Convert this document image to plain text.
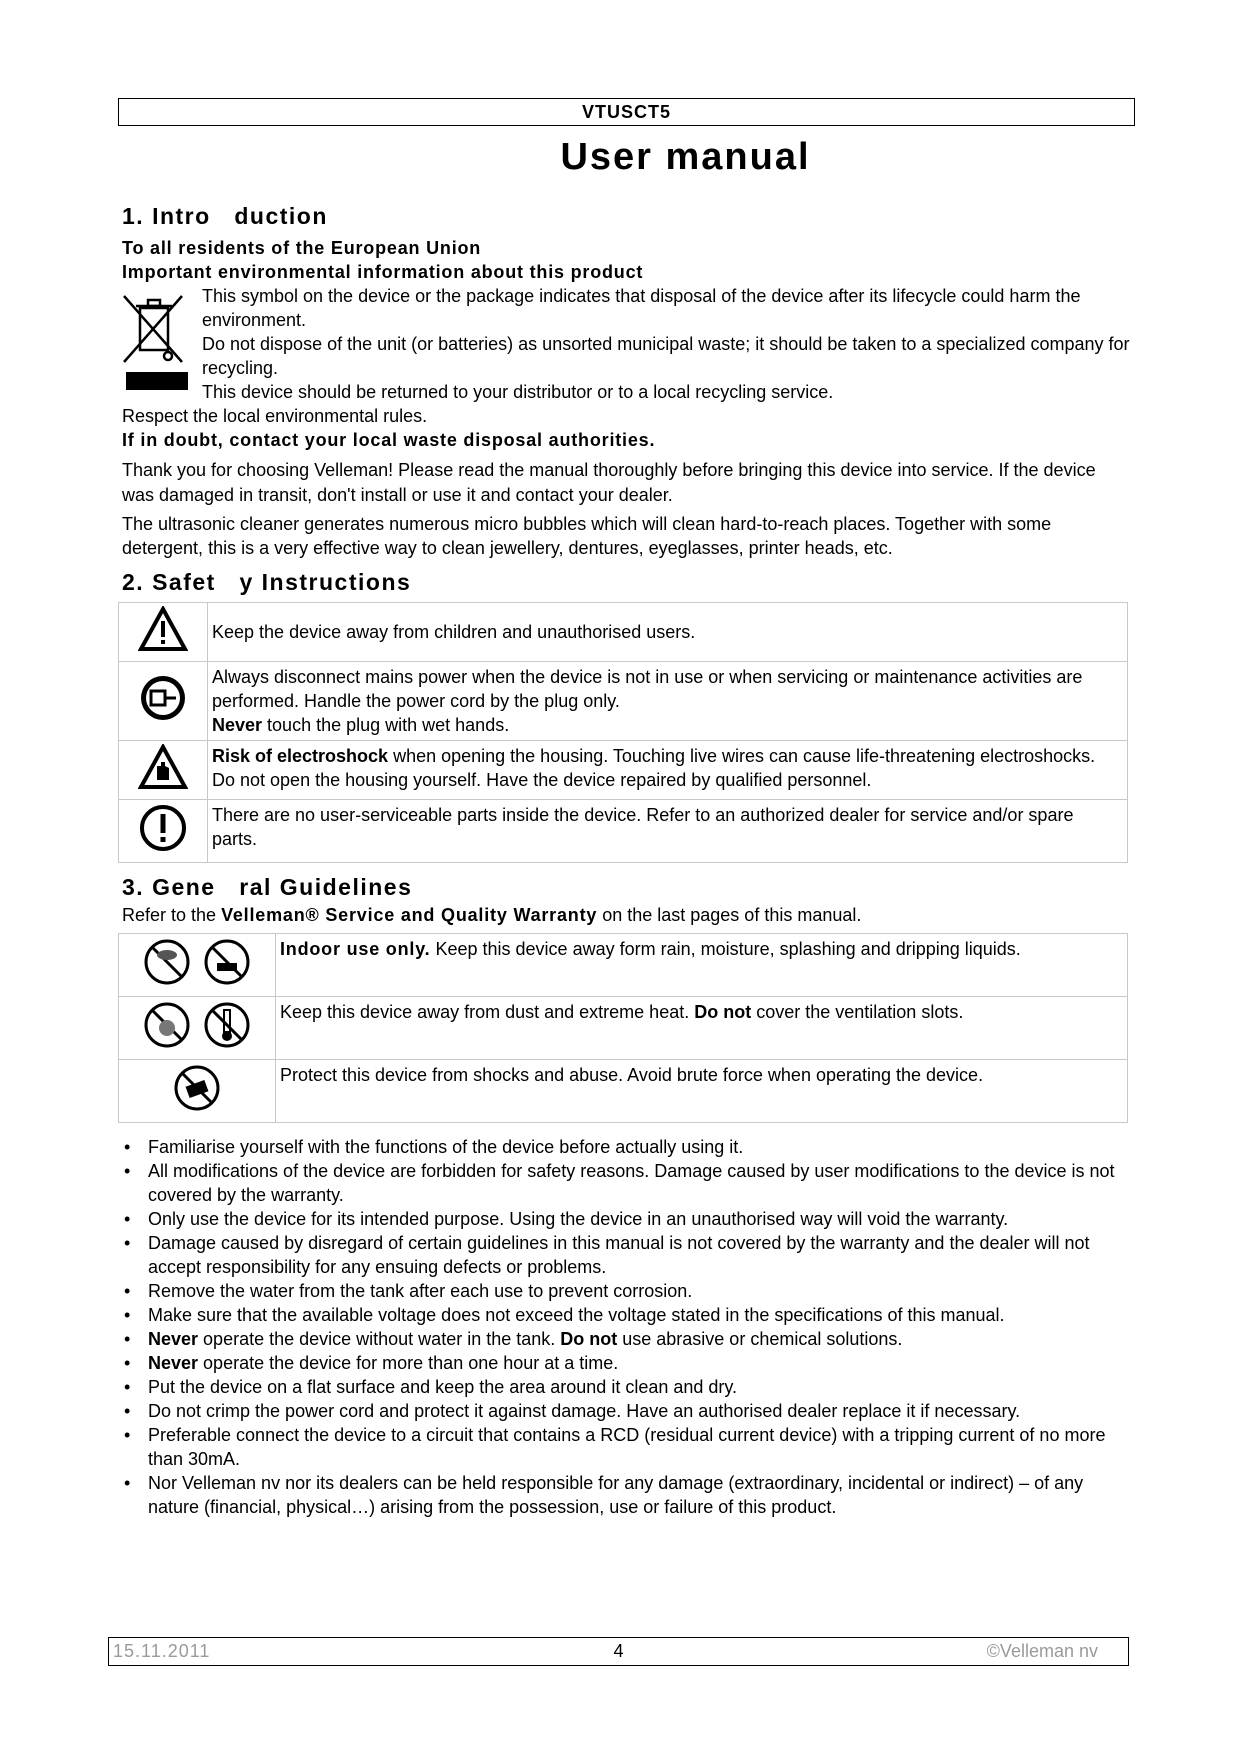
VTUSCT5
User manual
1. Intro   duction
To all residents of the European Union
Important environmental information about this product

This symbol on the device or the package indicates that disposal of the device after its lifecycle could harm the environment.

Do not dispose of the unit (or batteries) as unsorted municipal waste; it should be taken to a specialized company for recycling.

This device should be returned to your distributor or to a local recycling service.

Respect the local environmental rules.

If in doubt, contact your local waste disposal authorities.

Thank you for choosing Velleman! Please read the manual thoroughly before bringing this device into service. If the device was damaged in transit, don't install or use it and contact your dealer.

The ultrasonic cleaner generates numerous micro bubbles which will clean hard-to-reach places. Together with some detergent, this is a very effective way to clean jewellery, dentures, eyeglasses, printer heads, etc.

2. Safet   y Instructions
	Keep the device away from children and unauthorised users.
	Always disconnect mains power when the device is not in use or when servicing or maintenance activities are performed. Handle the power cord by the plug only.
Never touch the plug with wet hands.
	Risk of electroshock when opening the housing. Touching live wires can cause life-threatening electroshocks. Do not open the housing yourself. Have the device repaired by qualified personnel.
	There are no user-serviceable parts inside the device. Refer to an authorized dealer for service and/or spare parts.
3. Gene   ral Guidelines

Refer to the Velleman® Service and Quality Warranty on the last pages of this manual.

	Indoor use only. Keep this device away form rain, moisture, splashing and dripping liquids.
	Keep this device away from dust and extreme heat. Do not cover the ventilation slots.
	Protect this device from shocks and abuse. Avoid brute force when operating the device.
• Familiarise yourself with the functions of the device before actually using it.
• All modifications of the device are forbidden for safety reasons. Damage caused by user modifications to the device is not covered by the warranty.
• Only use the device for its intended purpose. Using the device in an unauthorised way will void the warranty.
• Damage caused by disregard of certain guidelines in this manual is not covered by the warranty and the dealer will not accept responsibility for any ensuing defects or problems.
• Remove the water from the tank after each use to prevent corrosion.
• Make sure that the available voltage does not exceed the voltage stated in the specifications of this manual.
• Never operate the device without water in the tank. Do not use abrasive or chemical solutions.
• Never operate the device for more than one hour at a time.
• Put the device on a flat surface and keep the area around it clean and dry.
• Do not crimp the power cord and protect it against damage. Have an authorised dealer replace it if necessary.
• Preferable connect the device to a circuit that contains a RCD (residual current device) with a tripping current of no more than 30mA.
• Nor Velleman nv nor its dealers can be held responsible for any damage (extraordinary, incidental or indirect) – of any nature (financial, physical…) arising from the possession, use or failure of this product.
15.11.2011	4	©Velleman nv
